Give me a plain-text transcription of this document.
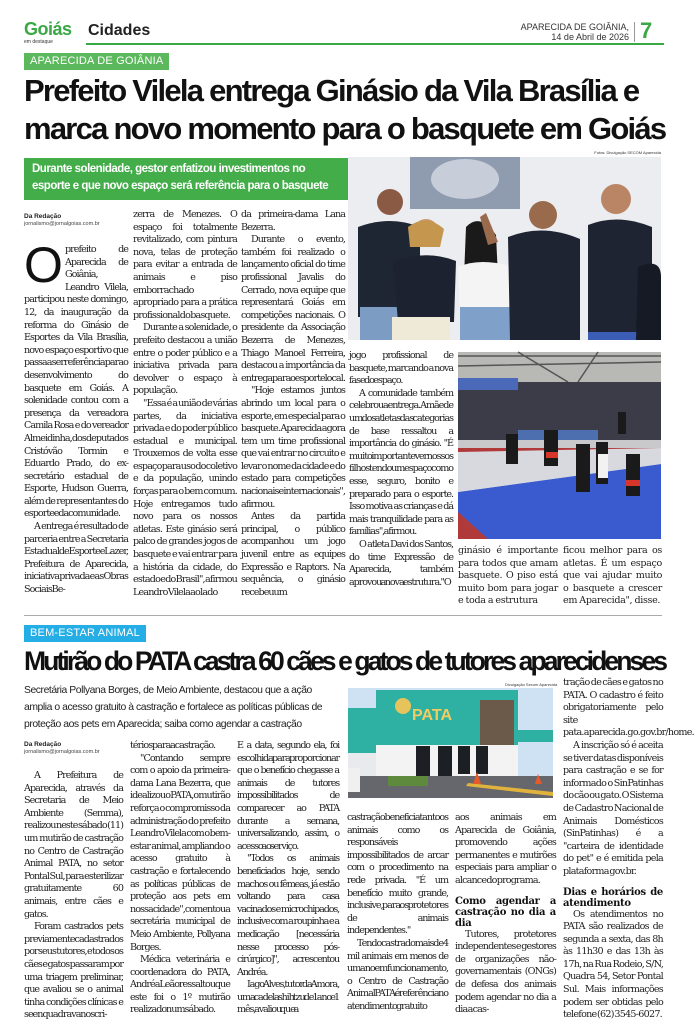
Goiás
em destaque
Cidades	APARECIDA DE GOIÂNIA,
14 de Abril de 2026 7
APARECIDA DE GOIÂNIA
Prefeito Vilela entrega Ginásio da Vila Brasília e marca novo momento para o basquete em Goiás
Fotos: Divulgação SECOM Aparecida
Durante solenidade, gestor enfatizou investimentos no esporte e que novo espaço será referência para o basquete
Da Redação
jornalismo@jornalgoias.com.br

Oprefeito de Aparecida de Goiânia, Leandro Vilela, participou neste domingo, 12, da inauguração da reforma do Ginásio de Esportes da Vila Brasília, novo espaço esportivo que passa a ser referência para o desenvolvimento do basquete em Goiás. A solenidade contou com a presença da vereadora Camila Rosa e do vereador Almeidinha, dos deputados Cristóvão Tormin e Eduardo Prado, do ex-secretário estadual de Esporte, Hudson Guerra, além de representantes do esporte e da comunidade.

A entrega é resultado de parceria entre a Secretaria Estadual de Esporte e Lazer, Prefeitura de Aparecida, iniciativa privada e as Obras Sociais Be-

zerra de Menezes. O espaço foi totalmente revitalizado, com pintura nova, telas de proteção para evitar a entrada de animais e piso emborrachado apropriado para a prática profissional do basquete.

Durante a solenidade, o prefeito destacou a união entre o poder público e a iniciativa privada para devolver o espaço à população.

"Essa é a união de várias partes, da iniciativa privada e do poder público estadual e municipal. Trouxemos de volta esse espaço para uso do coletivo e da população, unindo forças para o bem comum. Hoje entregamos tudo novo para os nossos atletas. Este ginásio será palco de grandes jogos de basquete e vai entrar para a história da cidade, do estado e do Brasil", afirmou Leandro Vilela ao lado

da primeira-dama Lana Bezerra.

Durante o evento, também foi realizado o lançamento oficial do time profissional Javalis do Cerrado, nova equipe que representará Goiás em competições nacionais. O presidente da Associação Bezerra de Menezes, Thiago Manoel Ferreira, destacou a importância da entrega para o esporte local.

"Hoje estamos juntos abrindo um local para o esporte, em especial para o basquete. Aparecida agora tem um time profissional que vai entrar no circuito e levar o nome da cidade e do estado para competições nacionais e internacionais", afirmou.

Antes da partida principal, o público acompanhou um jogo juvenil entre as equipes Expressão e Raptors. Na sequência, o ginásio recebeu um

jogo profissional de basquete, marcando a nova fase do espaço.

A comunidade também celebrou a entrega. A mãe de um dos atletas das categorias de base ressaltou a importância do ginásio. "É muito importante ver nossos filhos tendo um espaço como esse, seguro, bonito e preparado para o esporte. Isso motiva as crianças e dá mais tranquilidade para as famílias", afirmou.

O atleta Davi dos Santos, do time Expressão de Aparecida, também aprovou a nova estrutura. "O

ginásio é importante para todos que amam basquete. O piso está muito bom para jogar e toda a estrutura

ficou melhor para os atletas. É um espaço que vai ajudar muito o basquete a crescer em Aparecida", disse.

BEM-ESTAR ANIMAL
Mutirão do PATA castra 60 cães e gatos de tutores aparecidenses
Secretária Pollyana Borges, de Meio Ambiente, destacou que a ação amplia o acesso gratuito à castração e fortalece as políticas públicas de proteção aos pets em Aparecida; saiba como agendar a castração
Divulgação Secom Aparecida
PATA
Da Redação
jornalismo@jornalgoias.com.br

A Prefeitura de Aparecida, através da Secretaria de Meio Ambiente (Semma), realizou neste sábado (11) um mutirão de castração no Centro de Castração Animal PATA, no setor Pontal Sul, para esterilizar gratuitamente 60 animais, entre cães e gatos.

Foram castrados pets previamente cadastrados por seus tutores, e todos os cães e gatos passaram por uma triagem preliminar, que avaliou se o animal tinha condições clínicas e se enquadrava nos cri-

térios para a castração.

"Contando sempre com o apoio da primeira-dama Lana Bezerra, que idealizou o PATA, o mutirão reforça o compromisso da administração do prefeito Leandro Vilela com o bem-estar animal, ampliando o acesso gratuito à castração e fortalecendo as políticas públicas de proteção aos pets em nossa cidade", comentou a secretária municipal de Meio Ambiente, Pollyana Borges.

Médica veterinária e coordenadora do PATA, Andréa Leão ressaltou que este foi o 1º mutirão realizado num sábado.

E a data, segundo ela, foi escolhida para proporcionar que o benefício chegasse a animais de tutores impossibilitados de comparecer ao PATA durante a semana, universalizando, assim, o acesso ao serviço.

"Todos os animais beneficiados hoje, sendo machos ou fêmeas, já estão voltando para casa vacinados e microchipados, inclusive com a roupinha e a medicação [necessária nesse processo pós-cirúrgico]", acrescentou Andréa.

Iago Alves, tutor da Amora, uma cadela shih tzu de 1 ano e 1 mês, avaliou que a

castração beneficia tanto os animais como os responsáveis impossibilitados de arcar com o procedimento na rede privada. "É um benefício muito grande, inclusive, para os protetores de animais independentes."

Tendo castrado mais de 4 mil animais em menos de um ano em funcionamento, o Centro de Castração Animal PATA é referência no atendimento gratuito

aos animais em Aparecida de Goiânia, promovendo ações permanentes e mutirões especiais para ampliar o alcance do programa.

Como agendar a castração no dia a dia

Tutores, protetores independentes e gestores de organizações não-governamentais (ONGs) de defesa dos animais podem agendar no dia a dia a cas-

tração de cães e gatos no PATA. O cadastro é feito obrigatoriamente pelo site pata.aparecida.go.gov.br/home.

A inscrição só é aceita se tiver datas disponíveis para castração e se for informado o SinPatinhas do cão ou gato. O Sistema de Cadastro Nacional de Animais Domésticos (SinPatinhas) é a "carteira de identidade do pet" e é emitida pela plataforma gov.br.

Dias e horários de atendimento

Os atendimentos no PATA são realizados de segunda a sexta, das 8h às 11h30 e das 13h às 17h, na Rua Rodeio, S/N, Quadra 54, Setor Pontal Sul. Mais informações podem ser obtidas pelo telefone (62) 3545-6027.
